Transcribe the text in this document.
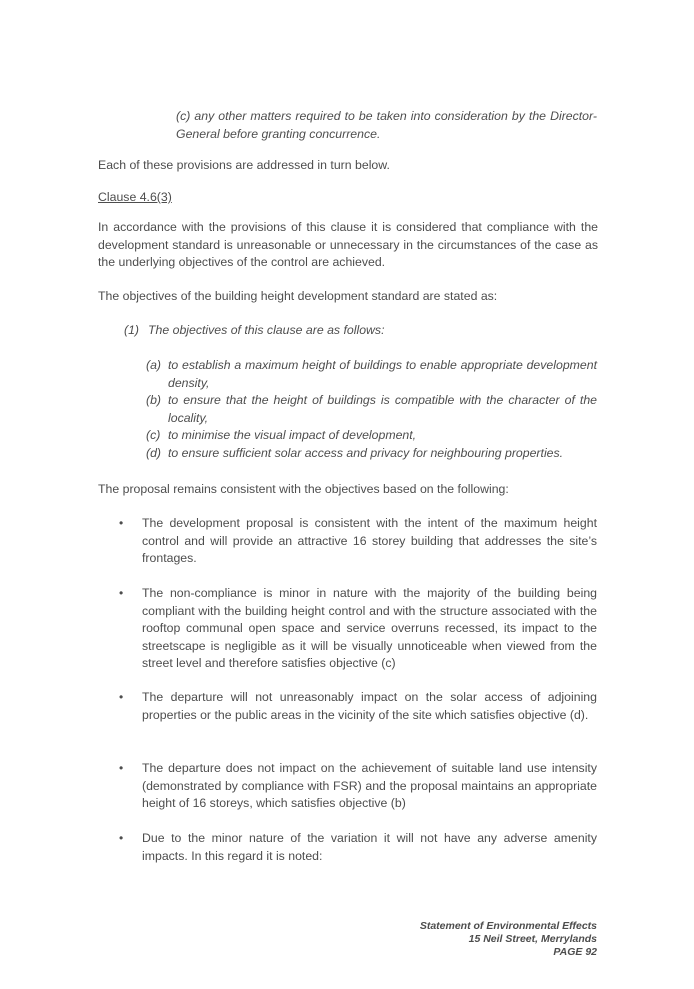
(c) any other matters required to be taken into consideration by the Director-General before granting concurrence.

Each of these provisions are addressed in turn below.

Clause 4.6(3)

In accordance with the provisions of this clause it is considered that compliance with the development standard is unreasonable or unnecessary in the circumstances of the case as the underlying objectives of the control are achieved.

The objectives of the building height development standard are stated as:

(1) The objectives of this clause are as follows:
(a) to establish a maximum height of buildings to enable appropriate development density,

(b) to ensure that the height of buildings is compatible with the character of the locality,

(c) to minimise the visual impact of development,

(d) to ensure sufficient solar access and privacy for neighbouring properties.

The proposal remains consistent with the objectives based on the following:

• The development proposal is consistent with the intent of the maximum height control and will provide an attractive 16 storey building that addresses the site’s frontages.

• The non-compliance is minor in nature with the majority of the building being compliant with the building height control and with the structure associated with the rooftop communal open space and service overruns recessed, its impact to the streetscape is negligible as it will be visually unnoticeable when viewed from the street level and therefore satisfies objective (c)

• The departure will not unreasonably impact on the solar access of adjoining properties or the public areas in the vicinity of the site which satisfies objective (d).

• The departure does not impact on the achievement of suitable land use intensity (demonstrated by compliance with FSR) and the proposal maintains an appropriate height of 16 storeys, which satisfies objective (b)

• Due to the minor nature of the variation it will not have any adverse amenity impacts. In this regard it is noted:

Statement of Environmental Effects
15 Neil Street, Merrylands
PAGE 92
